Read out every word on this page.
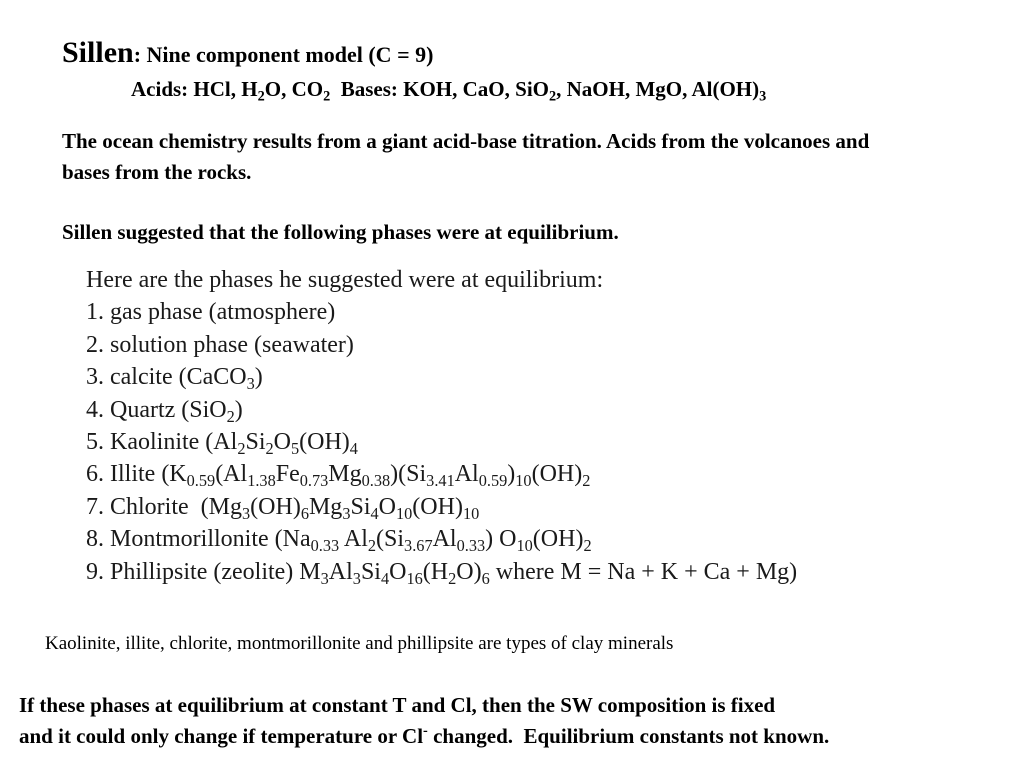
Sillen: Nine component model (C = 9)
Acids: HCl, $H_2O$, $CO_2$ Bases: KOH, CaO, SiO$_2$, NaOH, MgO, $Al(OH)_3$
The ocean chemistry results from a giant acid-base titration. Acids from the volcanoes and bases from the rocks.
Sillen suggested that the following phases were at equilibrium.
Here are the phases he suggested were at equilibrium:
1. gas phase (atmosphere)
2. solution phase (seawater)
3. calcite (CaCO$_3$)
4. Quartz (SiO$_2$)
5. Kaolinite ($Al_2Si_2O_5(OH)_4$
6. Illite ($K_{0.59}(Al_{1.38}Fe_{0.73}Mg_{0.38})(Si_{3.41}Al_{0.59})_{10}(OH)_2$
7. Chlorite  ($Mg_3(OH)_6Mg_3Si_4O_{10}(OH)_{10}$
8. Montmorillonite ($Na_{0.33}$ $Al_2(Si_{3.67}Al_{0.33})$ $O_{10}(OH)_2$
9. Phillipsite (zeolite) $M_3Al_3Si_4O_{16}(H_2O)_6$ where M = Na + K + Ca + Mg)
Kaolinite, illite, chlorite, montmorillonite and phillipsite are types of clay minerals
If these phases at equilibrium at constant T and Cl, then the SW composition is fixed
and it could only change if temperature or Cl- changed.  Equilibrium constants not known.
